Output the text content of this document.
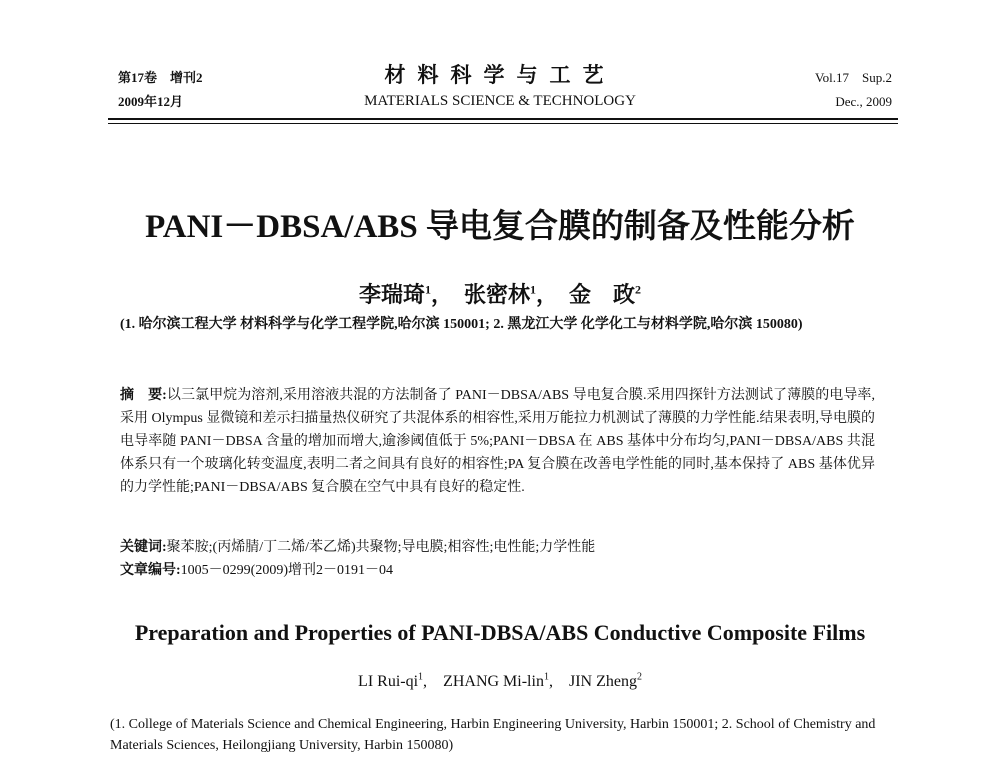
第17卷　增刊2
2009年12月
材料科学与工艺
MATERIALS SCIENCE & TECHNOLOGY
Vol.17　Sup.2
Dec., 2009
PANI－DBSA/ABS 导电复合膜的制备及性能分析
李瑞琦$^1$，　张密林$^1$，　金　政$^2$
(1. 哈尔滨工程大学 材料科学与化学工程学院,哈尔滨 150001; 2. 黑龙江大学 化学化工与材料学院,哈尔滨 150080)
摘　要:以三氯甲烷为溶剂,采用溶液共混的方法制备了 PANI－DBSA/ABS 导电复合膜.采用四探针方法测试了薄膜的电导率,采用 Olympus 显微镜和差示扫描量热仪研究了共混体系的相容性,采用万能拉力机测试了薄膜的力学性能.结果表明,导电膜的电导率随 PANI－DBSA 含量的增加而增大,逾渗阈值低于 5%;PANI－DBSA 在 ABS 基体中分布均匀,PANI－DBSA/ABS 共混体系只有一个玻璃化转变温度,表明二者之间具有良好的相容性;PA 复合膜在改善电学性能的同时,基本保持了 ABS 基体优异的力学性能;PANI－DBSA/ABS 复合膜在空气中具有良好的稳定性.
关键词:聚苯胺;(丙烯腈/丁二烯/苯乙烯)共聚物;导电膜;相容性;电性能;力学性能
文章编号:1005－0299(2009)增刊2－0191－04
Preparation and Properties of PANI-DBSA/ABS Conductive Composite Films
LI Rui-$qi^1$,　ZHANG Mi-lin$^1$,　JIN Zheng$^2$
(1. College of Materials Science and Chemical Engineering, Harbin Engineering University, Harbin 150001; 2. School of Chemistry and Materials Sciences, Heilongjiang University, Harbin 150080)
